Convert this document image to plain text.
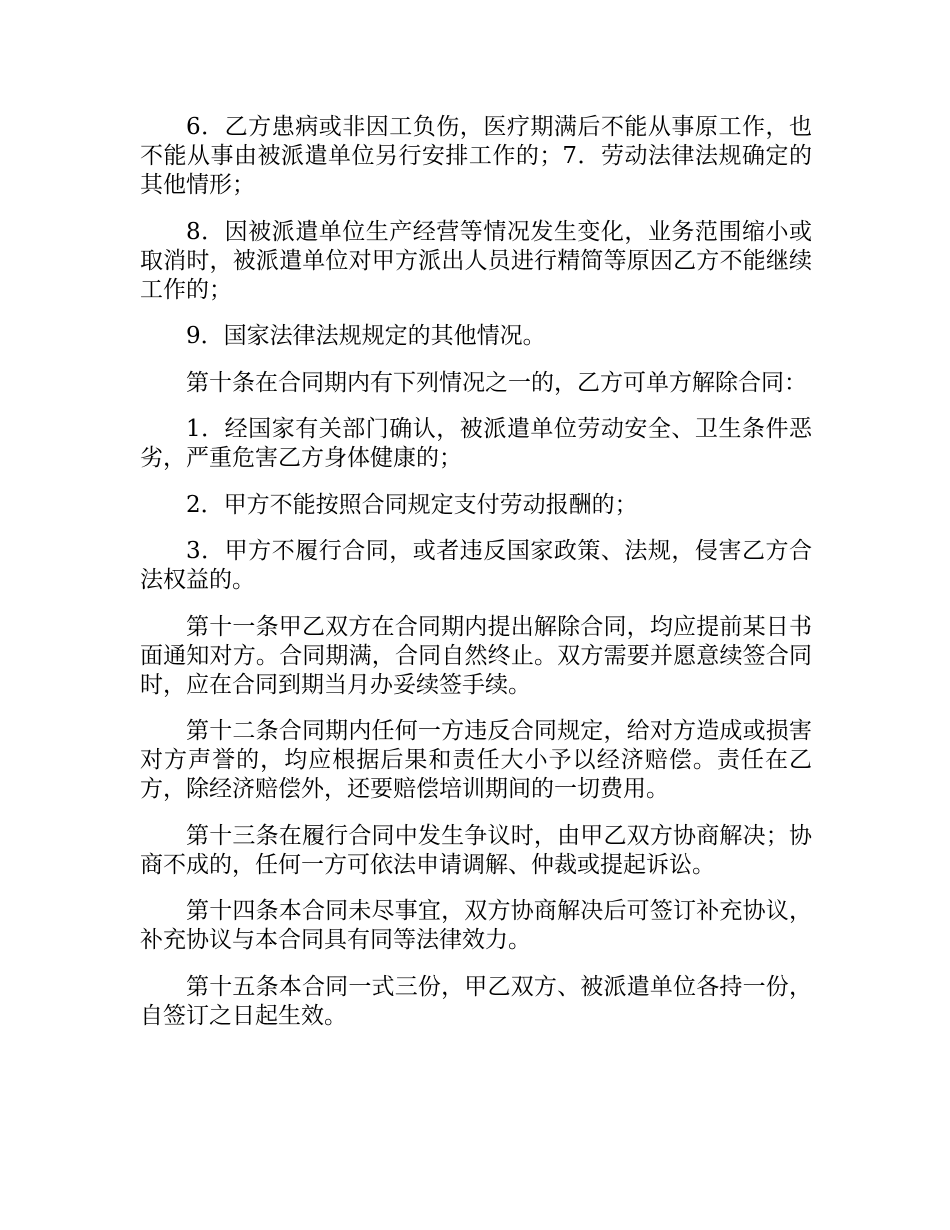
6．乙方患病或非因工负伤，医疗期满后不能从事原工作，也不能从事由被派遣单位另行安排工作的；7．劳动法律法规确定的其他情形；

8．因被派遣单位生产经营等情况发生变化，业务范围缩小或取消时，被派遣单位对甲方派出人员进行精简等原因乙方不能继续工作的；

9．国家法律法规规定的其他情况。

第十条在合同期内有下列情况之一的，乙方可单方解除合同：

1．经国家有关部门确认，被派遣单位劳动安全、卫生条件恶劣，严重危害乙方身体健康的；

2．甲方不能按照合同规定支付劳动报酬的；

3．甲方不履行合同，或者违反国家政策、法规，侵害乙方合法权益的。

第十一条甲乙双方在合同期内提出解除合同，均应提前某日书面通知对方。合同期满，合同自然终止。双方需要并愿意续签合同时，应在合同到期当月办妥续签手续。

第十二条合同期内任何一方违反合同规定，给对方造成或损害对方声誉的，均应根据后果和责任大小予以经济赔偿。责任在乙方，除经济赔偿外，还要赔偿培训期间的一切费用。

第十三条在履行合同中发生争议时，由甲乙双方协商解决；协商不成的，任何一方可依法申请调解、仲裁或提起诉讼。

第十四条本合同未尽事宜，双方协商解决后可签订补充协议，补充协议与本合同具有同等法律效力。

第十五条本合同一式三份，甲乙双方、被派遣单位各持一份，自签订之日起生效。
